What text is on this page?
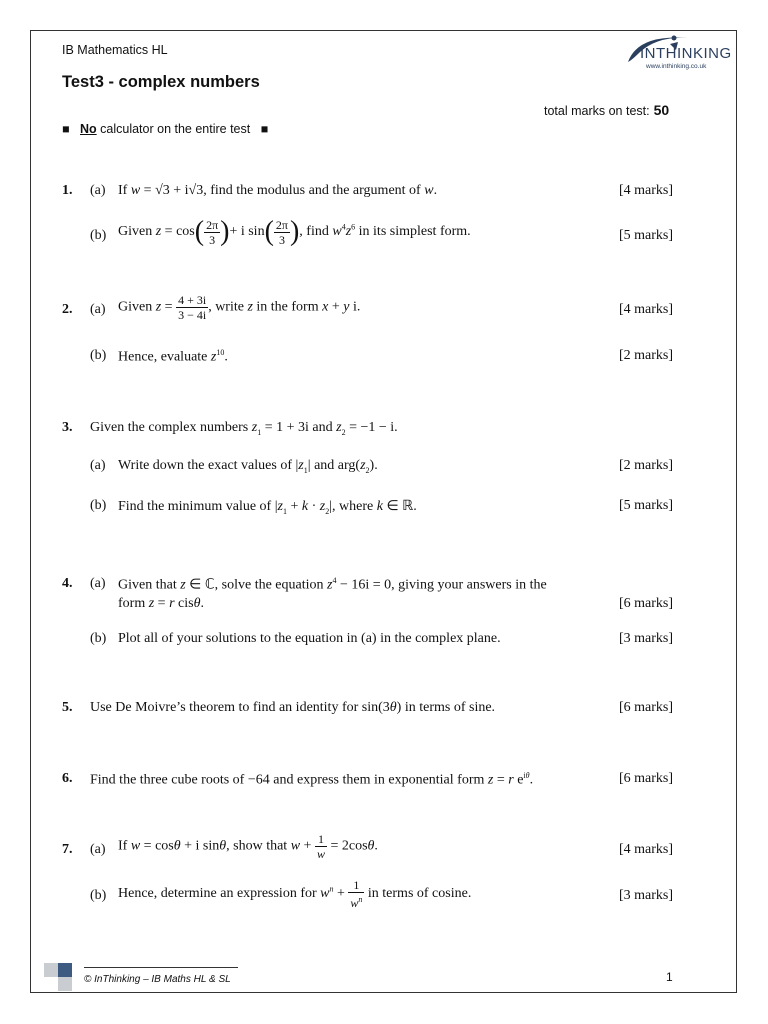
IB Mathematics HL
Test3 - complex numbers
total marks on test: 50
■ No calculator on the entire test ■
INTHINKING
www.inthinking.co.uk
1. (a) If w = √3 + i√3, find the modulus and the argument of w.	[4 marks]
(b) Given $z = \cos( \frac{2\pi}{3}$ )+ i $\sin( \frac{2\pi}{3}$ ), find $w^4z^6$ in its simplest form.	[5 marks]
2. (a) Given $z = \frac{4 + 3i}{3 - 4i}$ , write z in the form x + y i.	[4 marks]
(b) Hence, evaluate $z^{10}$.	[2 marks]
3. Given the complex numbers $z_1 = 1 + 3i$ and $z_2 = -1 - i$.
(a) Write down the exact values of $|z_1|$ and $arg(z_2)$.	[2 marks]
(b) Find the minimum value of $|z_1 + k \cdot z_2|$, where k ∈ ℝ.	[5 marks]
4. (a) Given that z ∈ ℂ, solve the equation $z^4 - 16i = 0$, giving your answers in the
form z = r cisθ.	[6 marks]
(b) Plot all of your solutions to the equation in (a) in the complex plane.	[3 marks]
5. Use De Moivre’s theorem to find an identity for sin(3θ) in terms of sine.	[6 marks]
6. Find the three cube roots of −64 and express them in exponential form z = r $e^{i\theta}$.	[6 marks]
7. (a) If w = cosθ + i sinθ, show that $w + \frac{1}{w} = 2\cos\theta$.	[4 marks]
(b) Hence, determine an expression for $w^n + \frac{1}{w^n}$ in terms of cosine.	[3 marks]
© InThinking – IB Maths HL & SL	1
